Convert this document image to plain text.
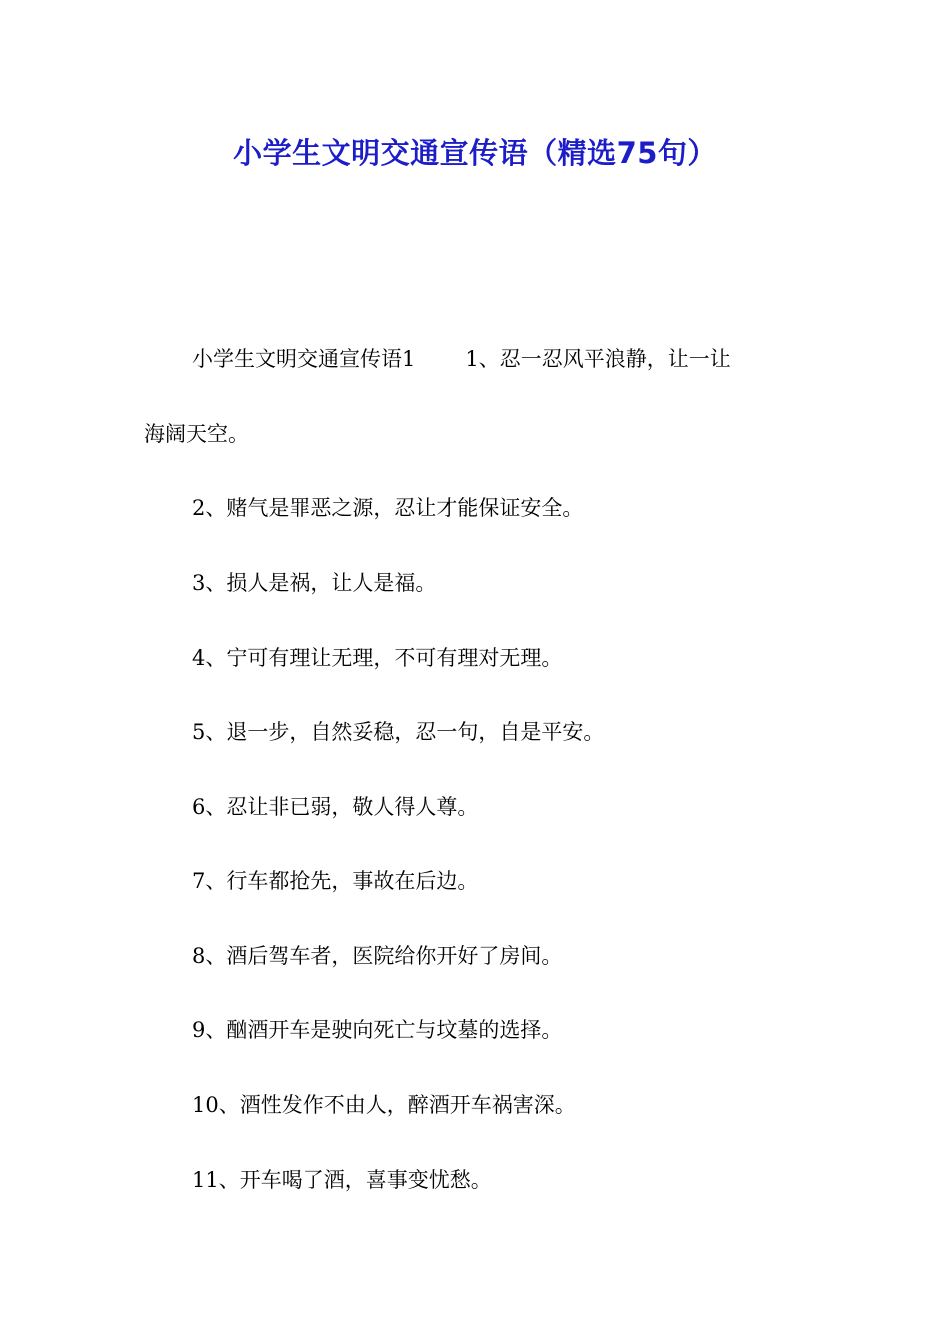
小学生文明交通宣传语（精选75句）
小学生文明交通宣传语1 1、忍一忍风平浪静，让一让
海阔天空。
2、赌气是罪恶之源，忍让才能保证安全。
3、损人是祸，让人是福。
4、宁可有理让无理，不可有理对无理。
5、退一步，自然妥稳，忍一句，自是平安。
6、忍让非已弱，敬人得人尊。
7、行车都抢先，事故在后边。
8、酒后驾车者，医院给你开好了房间。
9、酗酒开车是驶向死亡与坟墓的选择。
10、酒性发作不由人，醉酒开车祸害深。
11、开车喝了酒，喜事变忧愁。
